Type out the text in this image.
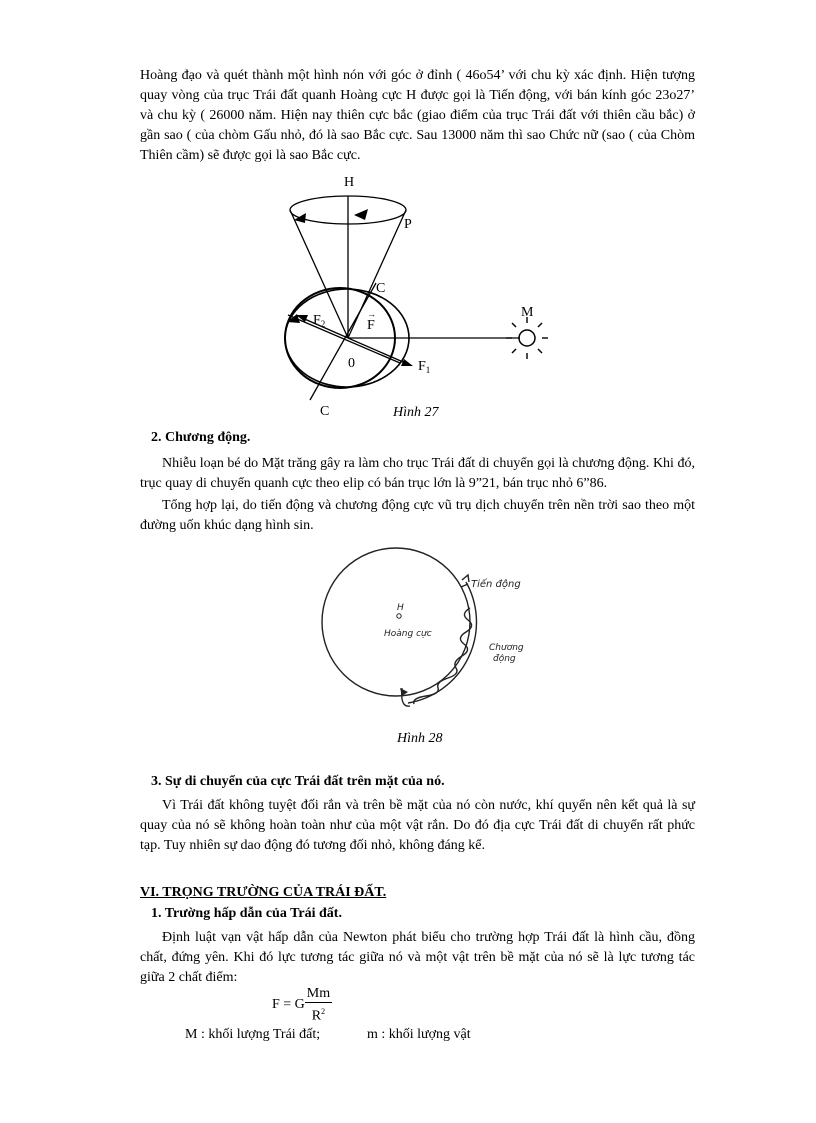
Hoàng đạo và quét thành một hình nón với góc ở đỉnh ( 46o54’ với chu kỳ xác định. Hiện tượng quay vòng của trục Trái đất quanh Hoàng cực H được gọi là Tiến động, với bán kính góc 23o27’ và chu kỳ ( 26000 năm. Hiện nay thiên cực bắc (giao điểm của trục Trái đất với thiên cầu bắc) ở gần sao ( của chòm Gấu nhỏ, đó là sao Bắc cực. Sau 13000 năm thì sao Chức nữ (sao ( của Chòm Thiên cầm) sẽ được gọi là sao Bắc cực.

H
P
C
M
$F_2$	F
→
0	$F_1$
C	Hình 27

2. Chương động.

Nhiễu loạn bé do Mặt trăng gây ra làm cho trục Trái đất di chuyển gọi là chương động. Khi đó, trục quay di chuyển quanh cực theo elip có bán trục lớn là 9”21, bán trục nhỏ 6”86.

Tổng hợp lại, do tiến động và chương động cực vũ trụ dịch chuyển trên nền trời sao theo một đường uốn khúc dạng hình sin.

Tiến động
H
Hoàng cực
Chương
động

Hình 28

3. Sự di chuyển của cực Trái đất trên mặt của nó.

Vì Trái đất không tuyệt đối rắn và trên bề mặt của nó còn nước, khí quyển nên kết quả là sự quay của nó sẽ không hoàn toàn như của một vật rắn. Do đó địa cực Trái đất di chuyển rất phức tạp. Tuy nhiên sự dao động đó tương đối nhỏ, không đáng kể.

VI. TRỌNG TRƯỜNG CỦA TRÁI ĐẤT.

1. Trường hấp dẫn của Trái đất.

Định luật vạn vật hấp dẫn của Newton phát biểu cho trường hợp Trái đất là hình cầu, đồng chất, đứng yên. Khi đó lực tương tác giữa nó và một vật trên bề mặt của nó sẽ là lực tương tác giữa 2 chất điểm:

F = G $\frac{Mm}{R^2}$

M : khối lượng Trái đất;	m : khối lượng vật
